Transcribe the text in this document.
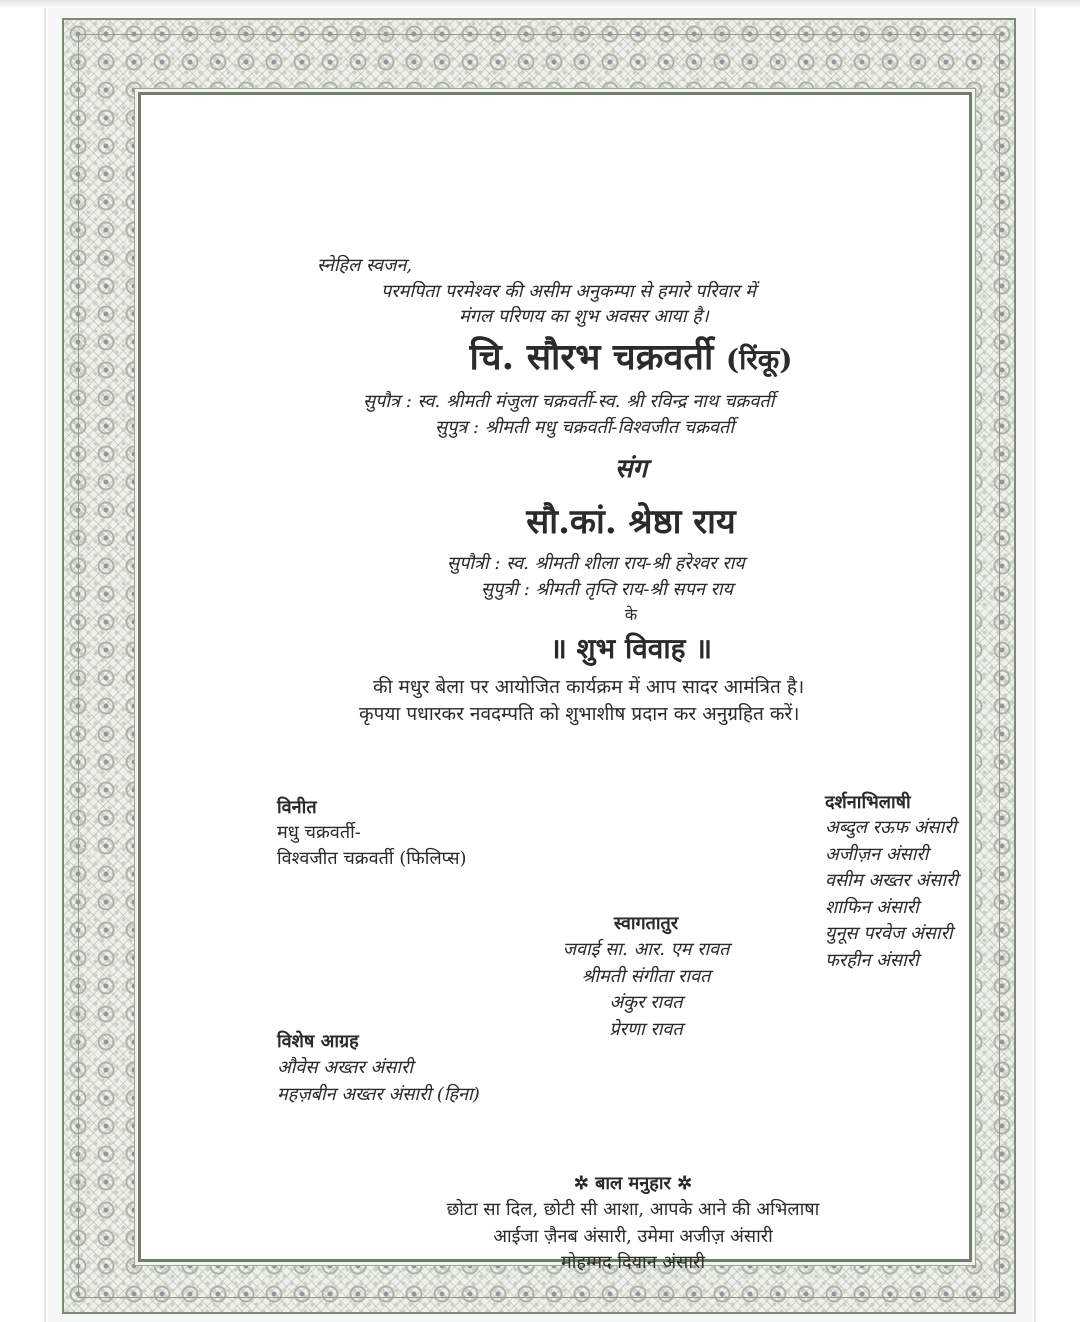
स्नेहिल स्वजन,
परमपिता परमेश्वर की असीम अनुकम्पा से हमारे परिवार में
मंगल परिणय का शुभ अवसर आया है।
चि. सौरभ चक्रवर्ती (रिंकू)
सुपौत्र : स्व. श्रीमती मंजुला चक्रवर्ती-स्व. श्री रविन्द्र नाथ चक्रवर्ती
सुपुत्र : श्रीमती मधु चक्रवर्ती-विश्वजीत चक्रवर्ती
संग
सौ.कां. श्रेष्ठा राय
सुपौत्री : स्व. श्रीमती शीला राय-श्री हरेश्वर राय
सुपुत्री : श्रीमती तृप्ति राय-श्री सपन राय
के
॥ शुभ विवाह ॥
की मधुर बेला पर आयोजित कार्यक्रम में आप सादर आमंत्रित है।
कृपया पधारकर नवदम्पति को शुभाशीष प्रदान कर अनुग्रहित करें।
विनीत
मधु चक्रवर्ती-
विश्वजीत चक्रवर्ती (फिलिप्स)
दर्शनाभिलाषी
अब्दुल रऊफ अंसारी
अजीज़न अंसारी
वसीम अख्तर अंसारी
शाफिन अंसारी
युनूस परवेज अंसारी
फरहीन अंसारी
स्वागतातुर
जवाई सा. आर. एम रावत
श्रीमती संगीता रावत
अंकुर रावत
प्रेरणा रावत
विशेष आग्रह
औवेस अख्तर अंसारी
महज़बीन अख्तर अंसारी (हिना)
✲ बाल मनुहार ✲
छोटा सा दिल, छोटी सी आशा, आपके आने की अभिलाषा
आईजा ज़ैनब अंसारी, उमेमा अजीज़ अंसारी
मोहम्मद दियान अंसारी
